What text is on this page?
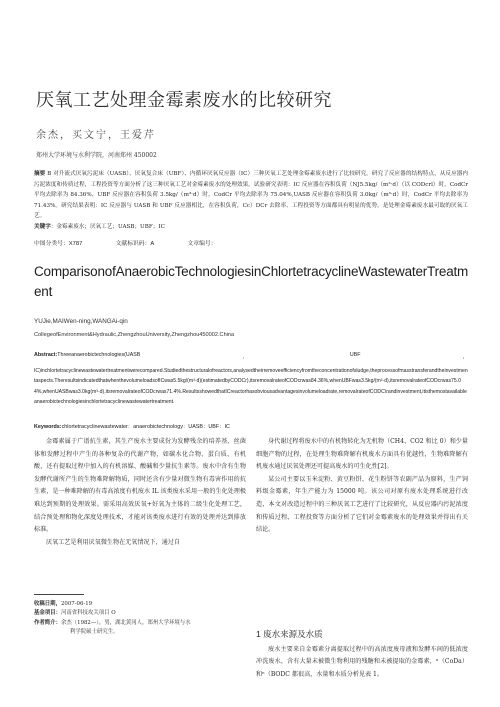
厌氧工艺处理金霉素废水的比较研究
余杰，买文宁，王爱芹
郑州大学环境与水利学院，河南郑州 450002
摘要 B 对升流式厌氧污泥床（UASB）、厌氧复合床（UBF）、内循环厌氧反应器（IC）三种厌氧工艺处理金霉素废水进行了比较研究。研究了反应器的结构特点，从反应器内污泥浓度和传质过程，工程投资等方面分析了这三种厌氧工艺对金霉素废水的处理效果。试验研究表明：IC 反应器在容积负荷（NJ5.5kg/（m³·d）（以 CODcrl）时，CodCr 平均去除率为 84.36%，UBF 反应器在容积负荷 3.5kg/（m³·d）时，CodCr 平均去除率为 75.04%,UASB 反应器在容积负荷 3.0kg/（m³·d）时，CodCr 平均去除率为 71.43%。研究结果表明：IC 反应器与 UASB 和 UBF 反应器相比，在容积负荷，Cc）DCr 去除率、工程投资等方面都具有明显的优势，是处理金霉素废水最可取的厌氧工艺。
关键字：金霉素废水；厌氧工艺；UASB；UBF；IC
中图分类号：X787	文献标识码：A	文章编号：
ComparisonofAnaerobicTechnologiesinChlortetracyclineWastewaterTreatment
YUJie,MAIWen-ning,WANGAi-qin
CollegeofEnvironment&Hydraulic,ZhengzhouUniversity,Zhengzhou450002.China
Abstract:Threeanaerobictechnologies(UASB	、	UBF	，
IC)inchlortetracyclinewastewatertreatmentwerecompared.Studiedthestructuralofreactors,analysedtheirremoveefficiencyfromtheconcentrationofsludge,theprocessofmasstransferandtheinvestmentaspects.TheresultsindicatedthatwhenthevolumeloadsofICwas5.5kg/(m³·d)(estimatedbyCODCr),itsremovalrateofCODcrwas84.36%,whenUBFwas3.5kg/(m³·d),itsremovalrateofCODcrwas75.04%,whenUASBwas3.0kg(m³·d),itsremovalrateofCODcrwas71.4%.ResultsshowedthatICreactorhasobviousadvantagesinvolumeloadrate,removalrateofCODC\randinvestment,itisthemostavailableanaerobictechnologiesinchlortetracyclinewastewatertreatment.
Keywords:chlortetracyclinewastewater：anaerobictechnology：UASB：UBF：IC

金霉素属于广谱抗生素，其生产废水主要成份为发酵残余的培养基、丝菌体和发酵过程中产生的各种复杂的代谢产物，如碳水化合物、蛋白质、有机酸，还有提取过程中加入的有机溶媒、酸碱和少量抗生素等。废水中含有生物发酵代谢所产生的生物难降解物质，同时还含有少量对微生物有毒害作用的抗生素，是一种难降解的有毒高浓度有机废水 IL 该类废水采用一般的生化处理极难达到预期的处理效果。需采用高效厌氧+好氧为主体的二级生化处理工艺，结合预处理和物化深度处理技术，才能对该类废水进行有效的处理并达到排放标准。

厌氧工艺是利用厌氧微生物在无氧情况下，通过自

身代谢过程将废水中的有机物转化为无机物（CH4、CO2 和比 0）和少量细胞产物的过程，在处理生物难降解有机废水方面具有优越性，生物难降解有机废水通过厌氧处理还可提高废水的可生化性[2]。

某公司主要以玉米淀粉、黄豆粉饼、花生粉饼等农副产品为原料，生产饲料级金霉素，年生产能力为 15000 吨。该公司对原有废水处理系统进行改造，本文对改造过程中的三种厌氧工艺进行了比较研究，从反应器内污泥浓度和传质过程、工程投资等方面分析了它们对金霉素废水的处理效果并得出有关结论。

收稿日期，2007-06-19
基金项目：河南省科技攻关项目 O
作者简介：余杰（1982—），男，湖北黄冈人，郑州大学环境与水
利学院硕士研究生。	1 废水来源及水质

废水主要来自金霉素分离提取过程中的高浓度废母液和发酵车间的低浓度冲洗废水，含有大量未被微生物利用的残糖和未被提取的金霉素，ⁿ（CoDa）和ⁿ（BODC 都很高，水量和水质分析见表 1。
